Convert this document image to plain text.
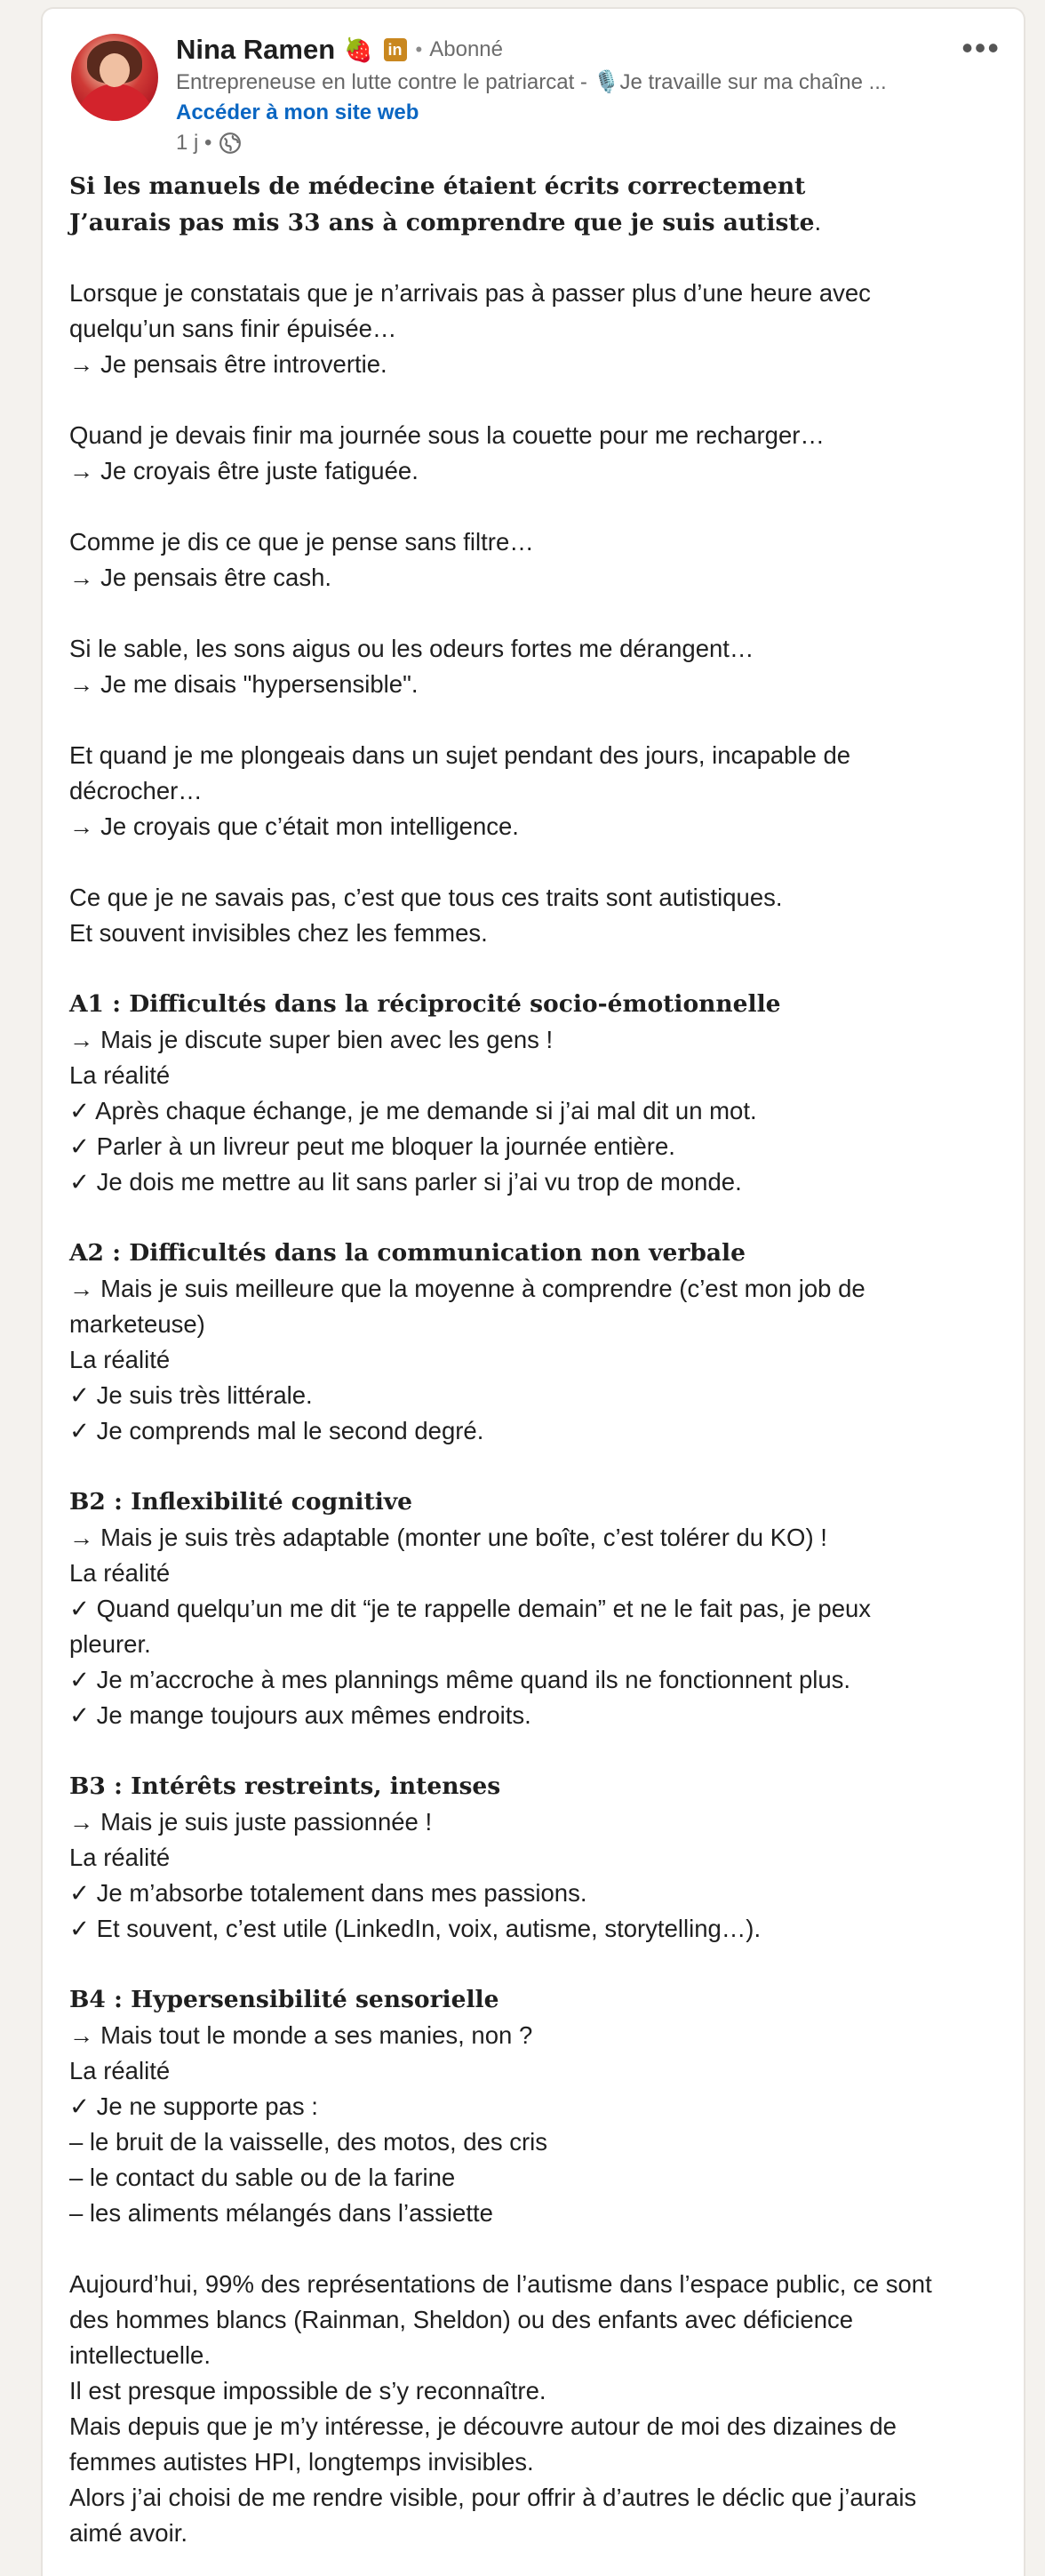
Nina Ramen 🍓 in • Abonné
Entrepreneuse en lutte contre le patriarcat - 🎙️Je travaille sur ma chaîne ...
Accéder à mon site web
1 j •
•••
Si les manuels de médecine étaient écrits correctement
J’aurais pas mis 33 ans à comprendre que je suis autiste.
Lorsque je constatais que je n’arrivais pas à passer plus d’une heure avec
quelqu’un sans finir épuisée…
→ Je pensais être introvertie.
Quand je devais finir ma journée sous la couette pour me recharger…
→ Je croyais être juste fatiguée.
Comme je dis ce que je pense sans filtre…
→ Je pensais être cash.
Si le sable, les sons aigus ou les odeurs fortes me dérangent…
→ Je me disais "hypersensible".
Et quand je me plongeais dans un sujet pendant des jours, incapable de
décrocher…
→ Je croyais que c’était mon intelligence.
Ce que je ne savais pas, c’est que tous ces traits sont autistiques.
Et souvent invisibles chez les femmes.
A1 : Difficultés dans la réciprocité socio-émotionnelle
→ Mais je discute super bien avec les gens !
La réalité
✓ Après chaque échange, je me demande si j’ai mal dit un mot.
✓ Parler à un livreur peut me bloquer la journée entière.
✓ Je dois me mettre au lit sans parler si j’ai vu trop de monde.
A2 : Difficultés dans la communication non verbale
→ Mais je suis meilleure que la moyenne à comprendre (c’est mon job de
marketeuse)
La réalité
✓ Je suis très littérale.
✓ Je comprends mal le second degré.
B2 : Inflexibilité cognitive
→ Mais je suis très adaptable (monter une boîte, c’est tolérer du KO) !
La réalité
✓ Quand quelqu’un me dit “je te rappelle demain” et ne le fait pas, je peux
pleurer.
✓ Je m’accroche à mes plannings même quand ils ne fonctionnent plus.
✓ Je mange toujours aux mêmes endroits.
B3 : Intérêts restreints, intenses
→ Mais je suis juste passionnée !
La réalité
✓ Je m’absorbe totalement dans mes passions.
✓ Et souvent, c’est utile (LinkedIn, voix, autisme, storytelling…).
B4 : Hypersensibilité sensorielle
→ Mais tout le monde a ses manies, non ?
La réalité
✓ Je ne supporte pas :
– le bruit de la vaisselle, des motos, des cris
– le contact du sable ou de la farine
– les aliments mélangés dans l’assiette
Aujourd’hui, 99% des représentations de l’autisme dans l’espace public, ce sont
des hommes blancs (Rainman, Sheldon) ou des enfants avec déficience
intellectuelle.
Il est presque impossible de s’y reconnaître.
Mais depuis que je m’y intéresse, je découvre autour de moi des dizaines de
femmes autistes HPI, longtemps invisibles.
Alors j’ai choisi de me rendre visible, pour offrir à d’autres le déclic que j’aurais
aimé avoir.
